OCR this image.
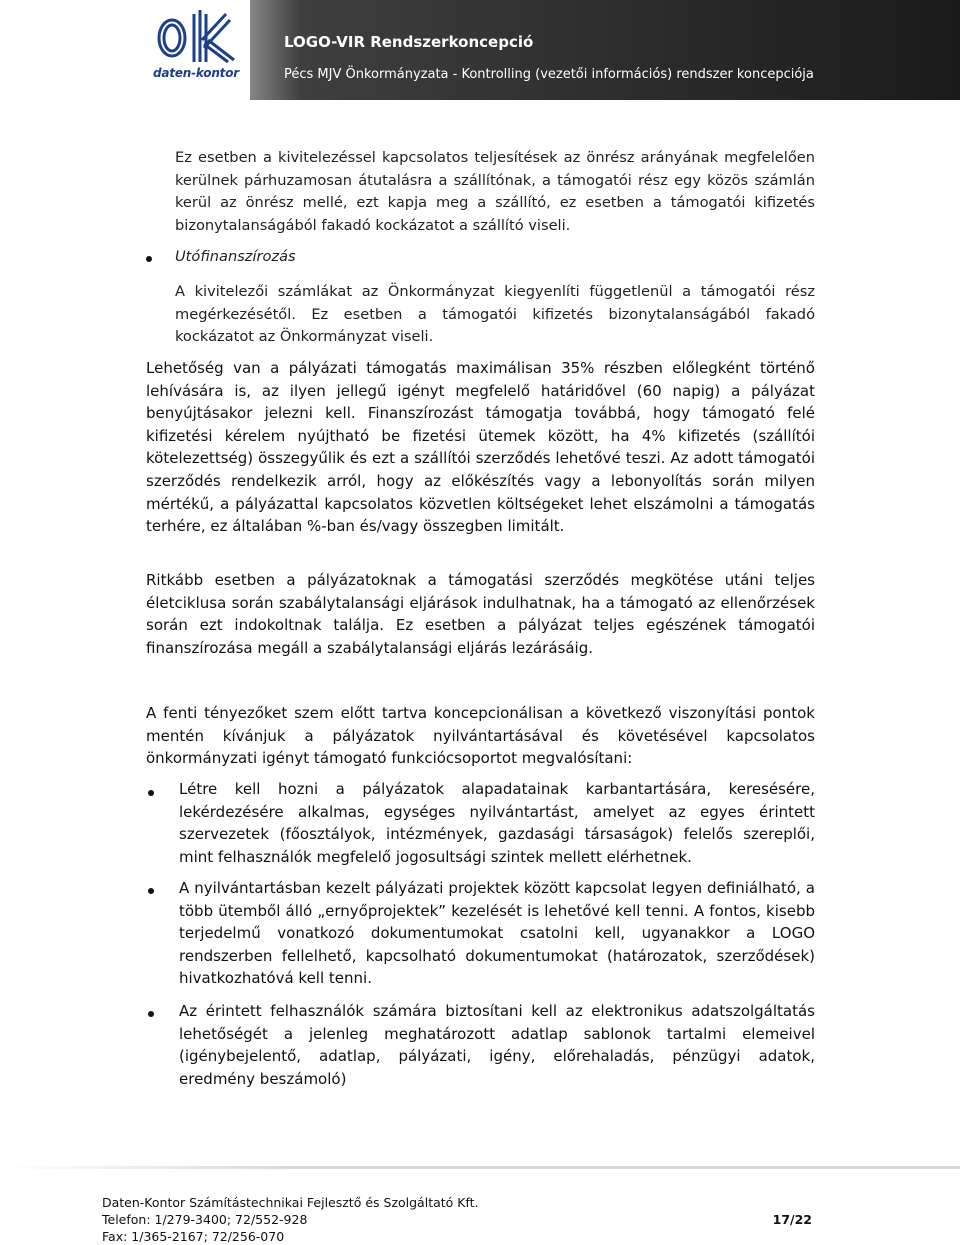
daten-kontor
LOGO-VIR Rendszerkoncepció
Pécs MJV Önkormányzata - Kontrolling (vezetői információs) rendszer koncepciója
Ez esetben a kivitelezéssel kapcsolatos teljesítések az önrész arányának megfelelően kerülnek párhuzamosan átutalásra a szállítónak, a támogatói rész egy közös számlán kerül az önrész mellé, ezt kapja meg a szállító, ez esetben a támogatói kifizetés bizonytalanságából fakadó kockázatot a szállító viseli.
Utófinanszírozás
A kivitelezői számlákat az Önkormányzat kiegyenlíti függetlenül a támogatói rész megérkezésétől. Ez esetben a támogatói kifizetés bizonytalanságából fakadó kockázatot az Önkormányzat viseli.
Lehetőség van a pályázati támogatás maximálisan 35% részben előlegként történő lehívására is, az ilyen jellegű igényt megfelelő határidővel (60 napig) a pályázat benyújtásakor jelezni kell. Finanszírozást támogatja továbbá, hogy támogató felé kifizetési kérelem nyújtható be fizetési ütemek között, ha 4% kifizetés (szállítói kötelezettség) összegyűlik és ezt a szállítói szerződés lehetővé teszi. Az adott támogatói szerződés rendelkezik arról, hogy az előkészítés vagy a lebonyolítás során milyen mértékű, a pályázattal kapcsolatos közvetlen költségeket lehet elszámolni a támogatás terhére, ez általában %-ban és/vagy összegben limitált.
Ritkább esetben a pályázatoknak a támogatási szerződés megkötése utáni teljes életciklusa során szabálytalansági eljárások indulhatnak, ha a támogató az ellenőrzések során ezt indokoltnak találja. Ez esetben a pályázat teljes egészének támogatói finanszírozása megáll a szabálytalansági eljárás lezárásáig.
A fenti tényezőket szem előtt tartva koncepcionálisan a következő viszonyítási pontok mentén kívánjuk a pályázatok nyilvántartásával és követésével kapcsolatos önkormányzati igényt támogató funkciócsoportot megvalósítani:
Létre kell hozni a pályázatok alapadatainak karbantartására, keresésére, lekérdezésére alkalmas, egységes nyilvántartást, amelyet az egyes érintett szervezetek (főosztályok, intézmények, gazdasági társaságok) felelős szereplői, mint felhasználók megfelelő jogosultsági szintek mellett elérhetnek.
A nyilvántartásban kezelt pályázati projektek között kapcsolat legyen definiálható, a több ütemből álló „ernyőprojektek” kezelését is lehetővé kell tenni. A fontos, kisebb terjedelmű vonatkozó dokumentumokat csatolni kell, ugyanakkor a LOGO rendszerben fellelhető, kapcsolható dokumentumokat (határozatok, szerződések) hivatkozhatóvá kell tenni.
Az érintett felhasználók számára biztosítani kell az elektronikus adatszolgáltatás lehetőségét a jelenleg meghatározott adatlap sablonok tartalmi elemeivel (igénybejelentő, adatlap, pályázati, igény, előrehaladás, pénzügyi adatok, eredmény beszámoló)
Daten-Kontor Számítástechnikai Fejlesztő és Szolgáltató Kft.
Telefon: 1/279-3400; 72/552-928
Fax: 1/365-2167; 72/256-070
17/22
